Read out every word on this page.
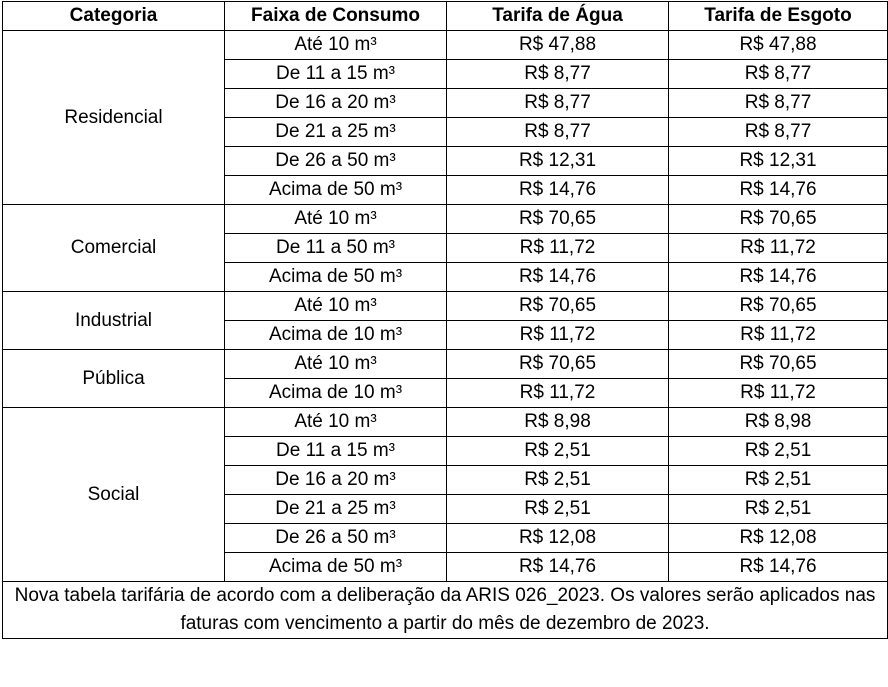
Categoria	Faixa de Consumo	Tarifa de Água	Tarifa de Esgoto
Residencial	Até 10 m³	R$ 47,88	R$ 47,88
	De 11 a 15 m³	R$ 8,77	R$ 8,77
	De 16 a 20 m³	R$ 8,77	R$ 8,77
	De 21 a 25 m³	R$ 8,77	R$ 8,77
	De 26 a 50 m³	R$ 12,31	R$ 12,31
	Acima de 50 m³	R$ 14,76	R$ 14,76
Comercial	Até 10 m³	R$ 70,65	R$ 70,65
	De 11 a 50 m³	R$ 11,72	R$ 11,72
	Acima de 50 m³	R$ 14,76	R$ 14,76
Industrial	Até 10 m³	R$ 70,65	R$ 70,65
	Acima de 10 m³	R$ 11,72	R$ 11,72
Pública	Até 10 m³	R$ 70,65	R$ 70,65
	Acima de 10 m³	R$ 11,72	R$ 11,72
Social	Até 10 m³	R$ 8,98	R$ 8,98
	De 11 a 15 m³	R$ 2,51	R$ 2,51
	De 16 a 20 m³	R$ 2,51	R$ 2,51
	De 21 a 25 m³	R$ 2,51	R$ 2,51
	De 26 a 50 m³	R$ 12,08	R$ 12,08
	Acima de 50 m³	R$ 14,76	R$ 14,76
Nova tabela tarifária de acordo com a deliberação da ARIS 026_2023. Os valores serão aplicados nas faturas com vencimento a partir do mês de dezembro de 2023.			
